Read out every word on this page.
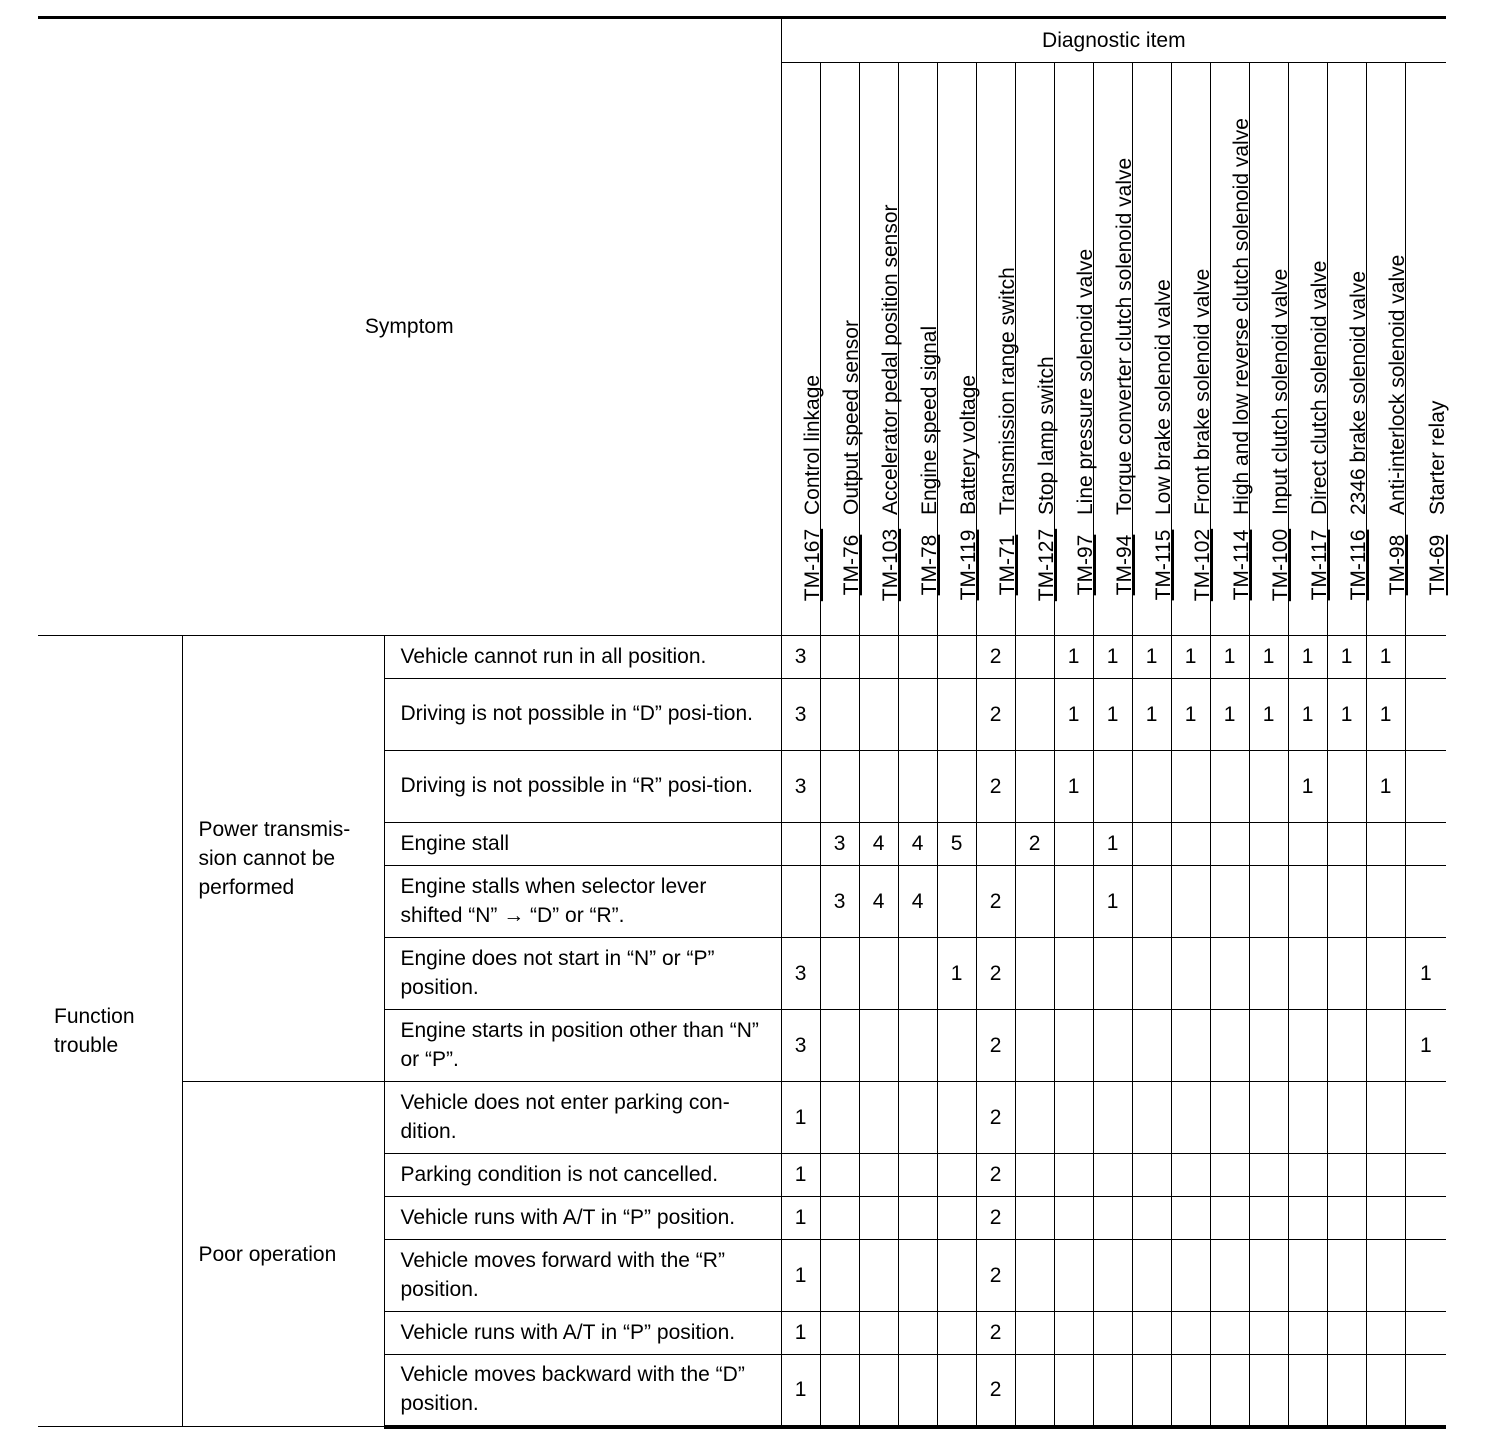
Symptom			Diagnostic item																

			TM-167Control linkage	TM-76Output speed sensor	TM-103Accelerator pedal position sensor	TM-78Engine speed signal	TM-119Battery voltage	TM-71Transmission range switch	TM-127Stop lamp switch	TM-97Line pressure solenoid valve	TM-94Torque converter clutch solenoid valve	TM-115Low brake solenoid valve	TM-102Front brake solenoid valve	TM-114High and low reverse clutch solenoid valve	TM-100Input clutch solenoid valve	TM-117Direct clutch solenoid valve	TM-1162346 brake solenoid valve	TM-98Anti-interlock solenoid valve	TM-69Starter relay

Function trouble	Power transmis-sion cannot be performed	Vehicle cannot run in all position.	3					2		1	1	1	1	1	1	1	1	1	
		Driving is not possible in “D” posi-tion.	3					2		1	1	1	1	1	1	1	1	1	
		Driving is not possible in “R” posi-tion.	3					2		1						1		1	
		Engine stall		3	4	4	5		2		1								
		Engine stalls when selector lever shifted “N” → “D” or “R”.		3	4	4		2			1								
		Engine does not start in “N” or “P” position.	3				1	2											1
		Engine starts in position other than “N” or “P”.	3					2											1
	Poor operation	Vehicle does not enter parking con-dition.	1					2											
		Parking condition is not cancelled.	1					2											
		Vehicle runs with A/T in “P” position.	1					2											
		Vehicle moves forward with the “R” position.	1					2											
		Vehicle runs with A/T in “P” position.	1					2											
		Vehicle moves backward with the “D” position.	1					2											
